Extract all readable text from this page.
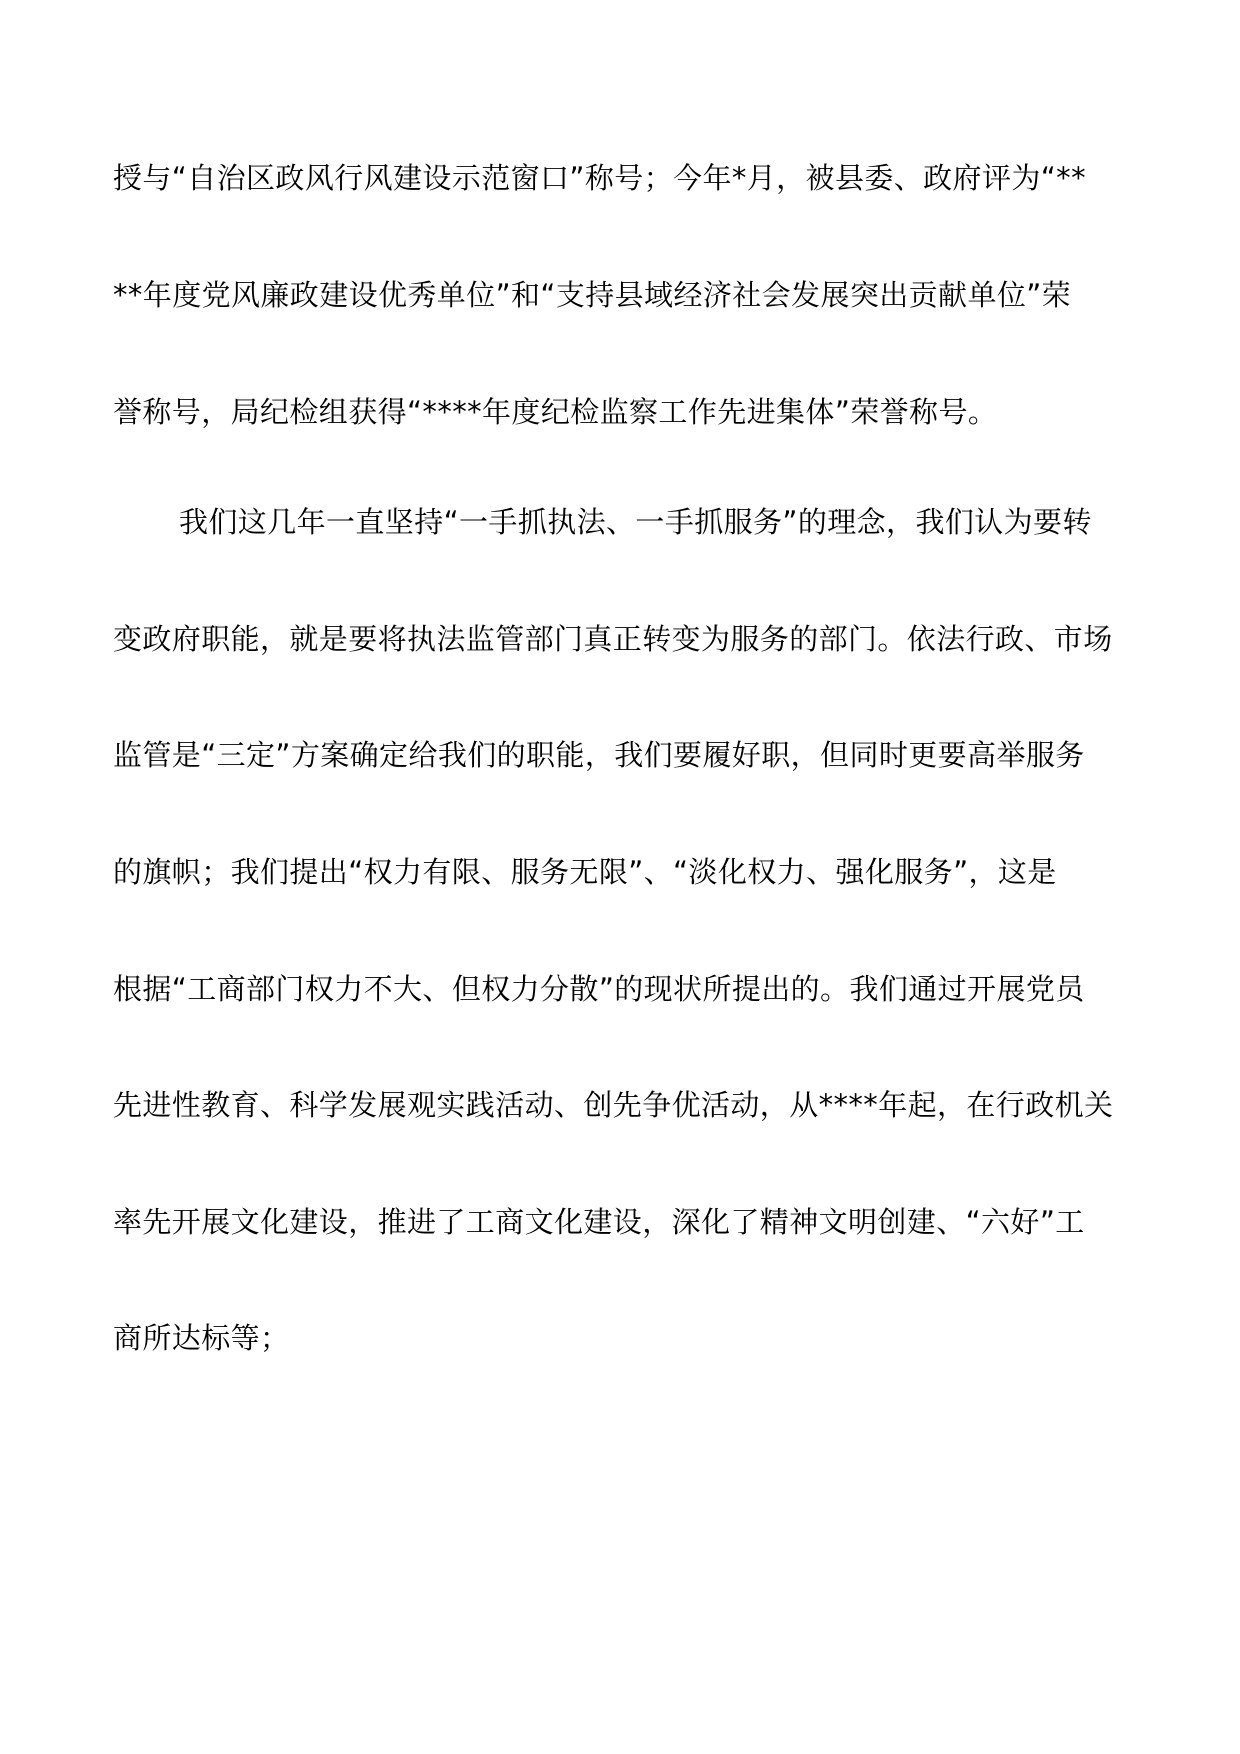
授与“自治区政风行风建设示范窗口”称号；今年*月，被县委、政府评为“**

**年度党风廉政建设优秀单位”和“支持县域经济社会发展突出贡献单位”荣

誉称号，局纪检组获得“****年度纪检监察工作先进集体”荣誉称号。

我们这几年一直坚持“一手抓执法、一手抓服务”的理念，我们认为要转

变政府职能，就是要将执法监管部门真正转变为服务的部门。依法行政、市场

监管是“三定”方案确定给我们的职能，我们要履好职，但同时更要高举服务

的旗帜；我们提出“权力有限、服务无限”、“淡化权力、强化服务”，这是

根据“工商部门权力不大、但权力分散”的现状所提出的。我们通过开展党员

先进性教育、科学发展观实践活动、创先争优活动，从****年起，在行政机关

率先开展文化建设，推进了工商文化建设，深化了精神文明创建、“六好”工

商所达标等；
